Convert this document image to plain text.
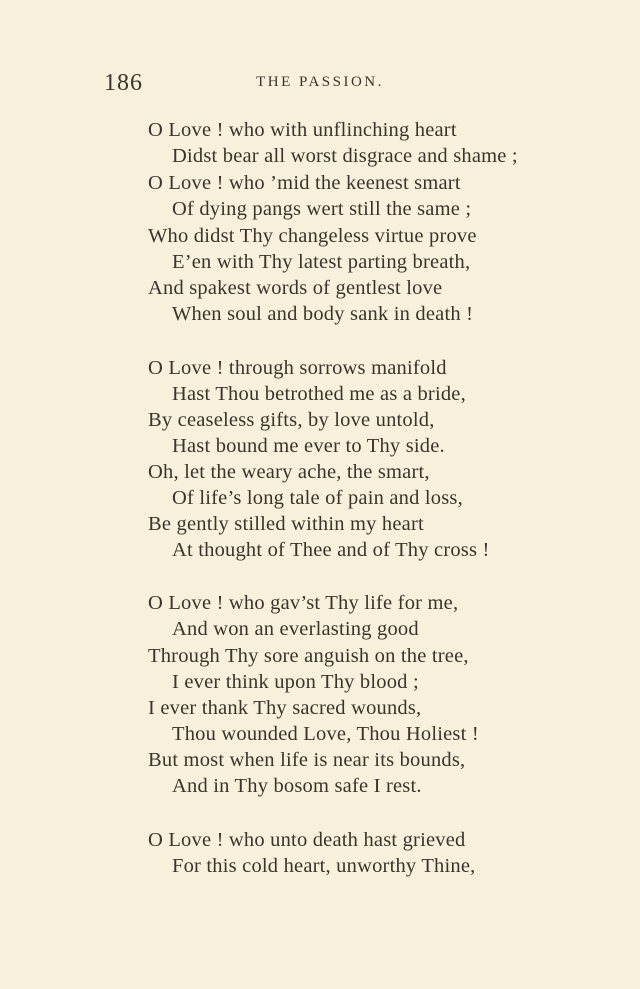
186	THE PASSION.
O Love ! who with unflinching heart
Didst bear all worst disgrace and shame ;
O Love ! who ’mid the keenest smart
Of dying pangs wert still the same ;
Who didst Thy changeless virtue prove
E’en with Thy latest parting breath,
And spakest words of gentlest love
When soul and body sank in death !
O Love ! through sorrows manifold
Hast Thou betrothed me as a bride,
By ceaseless gifts, by love untold,
Hast bound me ever to Thy side.
Oh, let the weary ache, the smart,
Of life’s long tale of pain and loss,
Be gently stilled within my heart
At thought of Thee and of Thy cross !
O Love ! who gav’st Thy life for me,
And won an everlasting good
Through Thy sore anguish on the tree,
I ever think upon Thy blood ;
I ever thank Thy sacred wounds,
Thou wounded Love, Thou Holiest !
But most when life is near its bounds,
And in Thy bosom safe I rest.
O Love ! who unto death hast grieved
For this cold heart, unworthy Thine,
